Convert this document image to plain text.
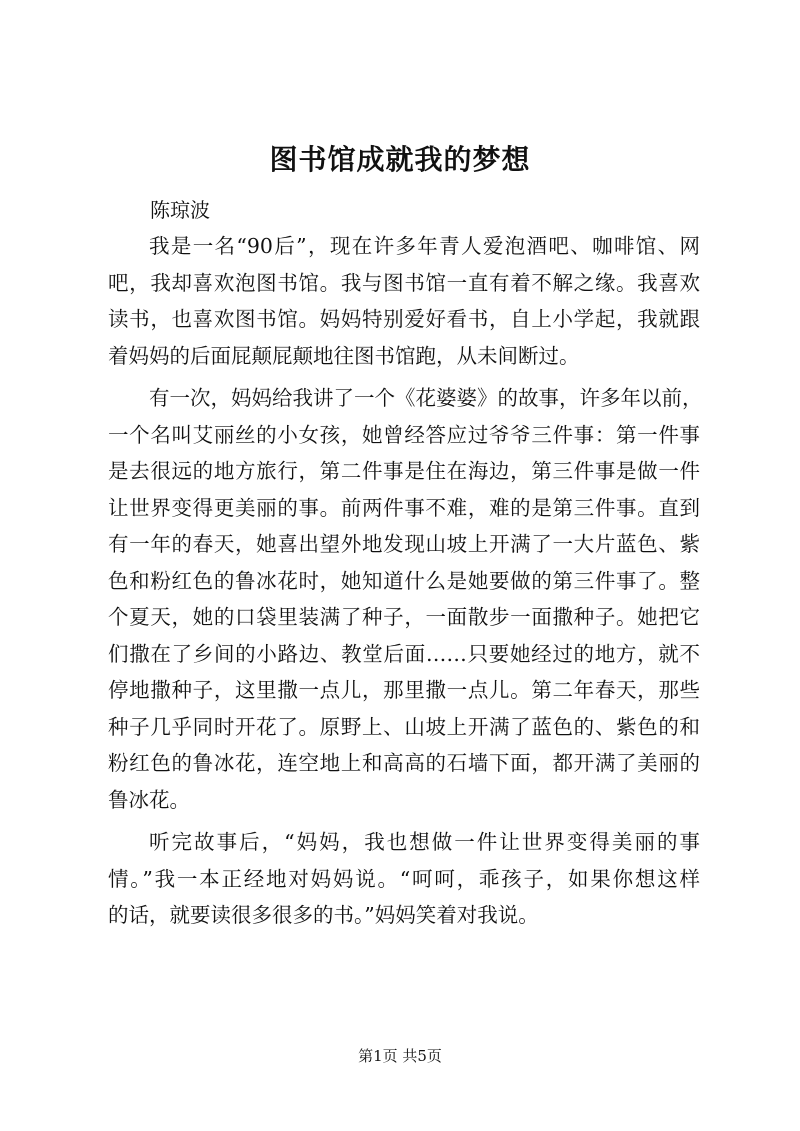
图书馆成就我的梦想
陈琼波

我是一名“90后”，现在许多年青人爱泡酒吧、咖啡馆、网
吧，我却喜欢泡图书馆。我与图书馆一直有着不解之缘。我喜欢
读书，也喜欢图书馆。妈妈特别爱好看书，自上小学起，我就跟
着妈妈的后面屁颠屁颠地往图书馆跑，从未间断过。

有一次，妈妈给我讲了一个《花婆婆》的故事，许多年以前，
一个名叫艾丽丝的小女孩，她曾经答应过爷爷三件事：第一件事
是去很远的地方旅行，第二件事是住在海边，第三件事是做一件
让世界变得更美丽的事。前两件事不难，难的是第三件事。直到
有一年的春天，她喜出望外地发现山坡上开满了一大片蓝色、紫
色和粉红色的鲁冰花时，她知道什么是她要做的第三件事了。整
个夏天，她的口袋里装满了种子，一面散步一面撒种子。她把它
们撒在了乡间的小路边、教堂后面……只要她经过的地方，就不
停地撒种子，这里撒一点儿，那里撒一点儿。第二年春天，那些
种子几乎同时开花了。原野上、山坡上开满了蓝色的、紫色的和
粉红色的鲁冰花，连空地上和高高的石墙下面，都开满了美丽的
鲁冰花。

听完故事后，“妈妈，我也想做一件让世界变得美丽的事
情。”我一本正经地对妈妈说。“呵呵，乖孩子，如果你想这样
的话，就要读很多很多的书。”妈妈笑着对我说。

第1页 共5页
